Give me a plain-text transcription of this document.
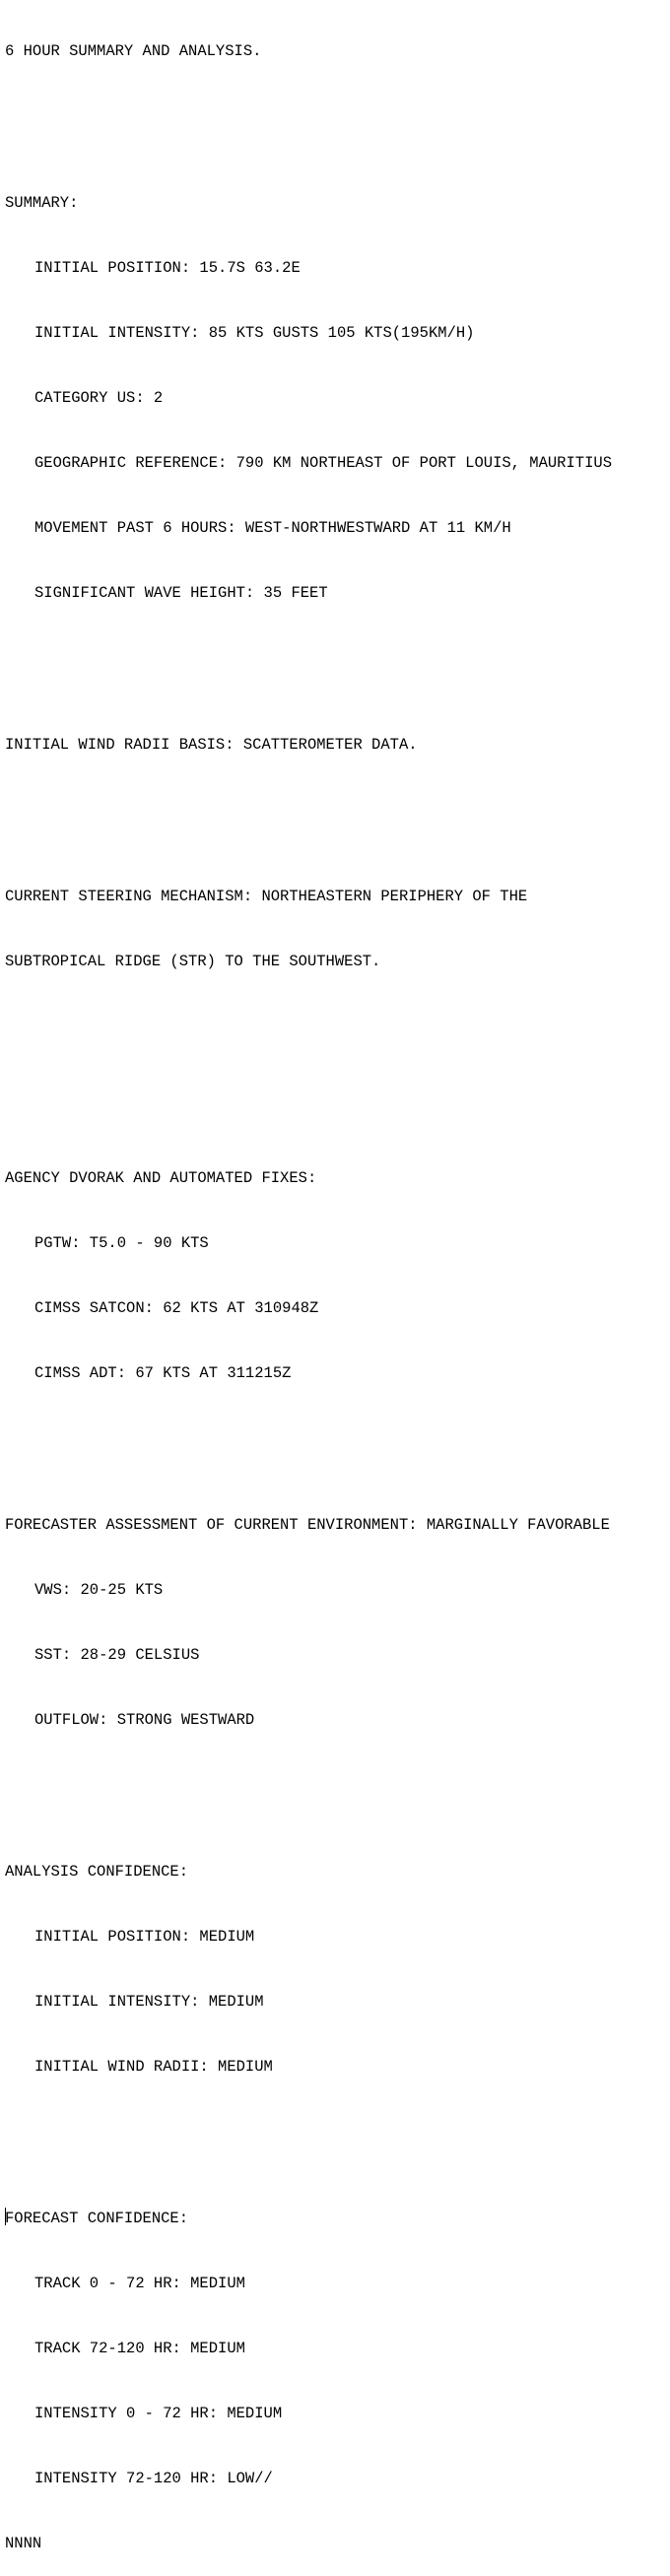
6 HOUR SUMMARY AND ANALYSIS.

SUMMARY:

INITIAL POSITION: 15.7S 63.2E

INITIAL INTENSITY: 85 KTS GUSTS 105 KTS(195KM/H)

CATEGORY US: 2

GEOGRAPHIC REFERENCE: 790 KM NORTHEAST OF PORT LOUIS, MAURITIUS

MOVEMENT PAST 6 HOURS: WEST-NORTHWESTWARD AT 11 KM/H

SIGNIFICANT WAVE HEIGHT: 35 FEET

INITIAL WIND RADII BASIS: SCATTEROMETER DATA.

CURRENT STEERING MECHANISM: NORTHEASTERN PERIPHERY OF THE

SUBTROPICAL RIDGE (STR) TO THE SOUTHWEST.

AGENCY DVORAK AND AUTOMATED FIXES:

PGTW: T5.0 - 90 KTS

CIMSS SATCON: 62 KTS AT 310948Z

CIMSS ADT: 67 KTS AT 311215Z

FORECASTER ASSESSMENT OF CURRENT ENVIRONMENT: MARGINALLY FAVORABLE

VWS: 20-25 KTS

SST: 28-29 CELSIUS

OUTFLOW: STRONG WESTWARD

ANALYSIS CONFIDENCE:

INITIAL POSITION: MEDIUM

INITIAL INTENSITY: MEDIUM

INITIAL WIND RADII: MEDIUM

FORECAST CONFIDENCE:

TRACK 0 - 72 HR: MEDIUM

TRACK 72-120 HR: MEDIUM

INTENSITY 0 - 72 HR: MEDIUM

INTENSITY 72-120 HR: LOW//

NNNN
